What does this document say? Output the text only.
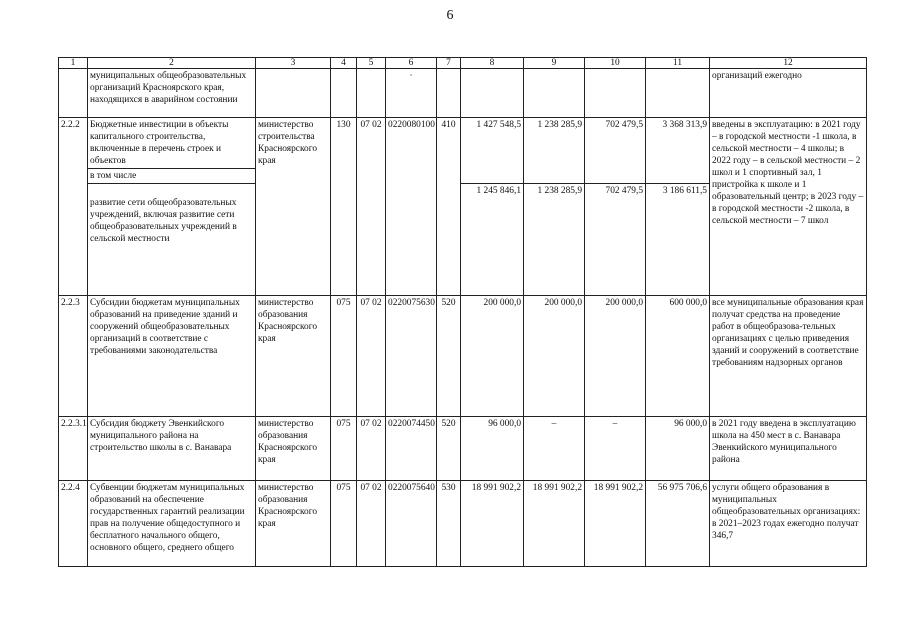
6
1	2	3	4	5	6	7	8	9	10	11	12
	муниципальных общеобразовательных организаций Красноярского края, находящихся в аварийном состоянии				·						организаций ежегодно
2.2.2	Бюджетные инвестиции в объекты капитального строительства, включенные в перечень строек и объектов	министерство строительства Красноярского края	130	07 02	0220080100	410	1 427 548,5	1 238 285,9	702 479,5	3 368 313,9	введены в эксплуатацию: в 2021 году – в городской местности -1 школа, в сельской местности – 4 школы; в 2022 году – в сельской местности – 2 школ и 1 спортивный зал, 1 пристройка к школе и 1 образовательный центр; в 2023 году – в городской местности -2 школа, в сельской местности – 7 школ
	в том числе										
							1 245 846,1	1 238 285,9	702 479,5	3 186 611,5	
	развитие сети общеобразовательных учреждений, включая развитие сети общеобразовательных учреждений в сельской местности										
2.2.3	Субсидии бюджетам муниципальных образований на приведение зданий и сооружений общеобразовательных организаций в соответствие с требованиями законодательства	министерство образования Красноярского края	075	07 02	0220075630	520	200 000,0	200 000,0	200 000,0	600 000,0	все муниципальные образования края получат средства на проведение работ в общеобразова-тельных организациях с целью приведения зданий и сооружений в соответствие требованиям надзорных органов
2.2.3.1	Субсидия бюджету Эвенкийского муниципального района на строительство школы в с. Ванавара	министерство образования Красноярского края	075	07 02	0220074450	520	96 000,0	–	–	96 000,0	в 2021 году введена в эксплуатацию школа на 450 мест в с. Ванавара Эвенкийского муниципального района
2.2.4	Субвенции бюджетам муниципальных образований на обеспечение государственных гарантий реализации прав на получение общедоступного и бесплатного начального общего, основного общего, среднего общего	министерство образования Красноярского края	075	07 02	0220075640	530	18 991 902,2	18 991 902,2	18 991 902,2	56 975 706,6	услуги общего образования в муниципальных общеобразовательных организациях: в 2021–2023 годах ежегодно получат 346,7
